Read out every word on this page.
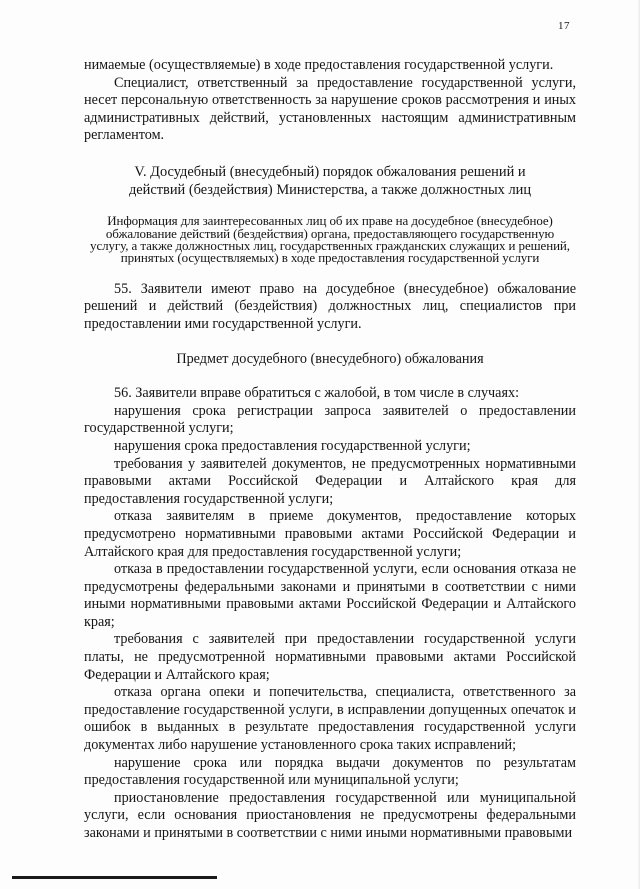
17

нимаемые (осуществляемые) в ходе предоставления государственной услуги.

Специалист, ответственный за предоставление государственной услуги, несет персональную ответственность за нарушение сроков рассмотрения и иных административных действий, установленных настоящим административным регламентом.

V. Досудебный (внесудебный) порядок обжалования решений и действий (бездействия) Министерства, а также должностных лиц

Информация для заинтересованных лиц об их праве на досудебное (внесудебное) обжалование действий (бездействия) органа, предоставляющего государственную услугу, а также должностных лиц, государственных гражданских служащих и решений, принятых (осуществляемых) в ходе предоставления государственной услуги

55. Заявители имеют право на досудебное (внесудебное) обжалование решений и действий (бездействия) должностных лиц, специалистов при предоставлении ими государственной услуги.

Предмет досудебного (внесудебного) обжалования

56. Заявители вправе обратиться с жалобой, в том числе в случаях:

нарушения срока регистрации запроса заявителей о предоставлении государственной услуги;

нарушения срока предоставления государственной услуги;

требования у заявителей документов, не предусмотренных нормативными правовыми актами Российской Федерации и Алтайского края для предоставления государственной услуги;

отказа заявителям в приеме документов, предоставление которых предусмотрено нормативными правовыми актами Российской Федерации и Алтайского края для предоставления государственной услуги;

отказа в предоставлении государственной услуги, если основания отказа не предусмотрены федеральными законами и принятыми в соответствии с ними иными нормативными правовыми актами Российской Федерации и Алтайского края;

требования с заявителей при предоставлении государственной услуги платы, не предусмотренной нормативными правовыми актами Российской Федерации и Алтайского края;

отказа органа опеки и попечительства, специалиста, ответственного за предоставление государственной услуги, в исправлении допущенных опечаток и ошибок в выданных в результате предоставления государственной услуги документах либо нарушение установленного срока таких исправлений;

нарушение срока или порядка выдачи документов по результатам предоставления государственной или муниципальной услуги;

приостановление предоставления государственной или муниципальной услуги, если основания приостановления не предусмотрены федеральными законами и принятыми в соответствии с ними иными нормативными правовыми
